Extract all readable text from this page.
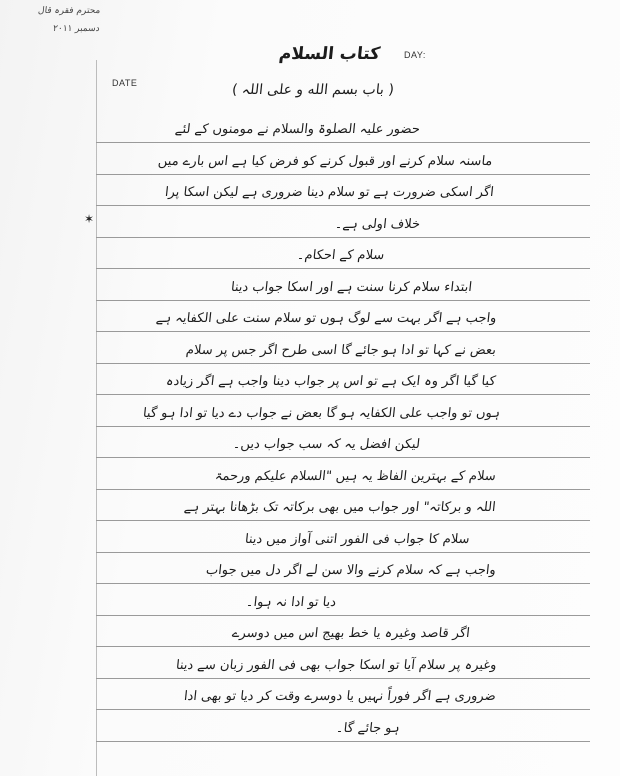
محترم فقرہ قال
دسمبر ۲۰۱۱
DAY:
DATE
کتاب السلام
( باب بسم الله و علی اللہ )
✶
حضور علیہ الصلوۃ والسلام نے مومنوں کے لئے
ماسنہ سلام کرنے اور قبول کرنے کو فرض کیا ہے اس بارے میں
اگر اسکی ضرورت ہے تو سلام دینا ضروری ہے لیکن اسکا پرا
خلاف اولی ہے۔
سلام کے احکام۔
ابتداء سلام کرنا سنت ہے اور اسکا جواب دینا
واجب ہے اگر بہت سے لوگ ہوں تو سلام سنت علی الکفایہ ہے
بعض نے کہا تو ادا ہو جائے گا اسی طرح اگر جس پر سلام
کیا گیا اگر وہ ایک ہے تو اس پر جواب دینا واجب ہے اگر زیادہ
ہوں تو واجب علی الکفایہ ہو گا بعض نے جواب دے دیا تو ادا ہو گیا
لیکن افضل یہ کہ سب جواب دیں۔
سلام کے بہترین الفاظ یہ ہیں "السلام علیکم ورحمۃ
اللہ و برکاتہ" اور جواب میں بھی برکاتہ تک بڑھانا بہتر ہے
سلام کا جواب فی الفور اتنی آواز میں دینا
واجب ہے کہ سلام کرنے والا سن لے اگر دل میں جواب
دیا تو ادا نہ ہوا۔
اگر قاصد وغیرہ یا خط بھیج اس میں دوسرے
وغیرہ پر سلام آیا تو اسکا جواب بھی فی الفور زبان سے دینا
ضروری ہے اگر فوراً نہیں یا دوسرے وقت کر دیا تو بھی ادا
ہو جائے گا۔
